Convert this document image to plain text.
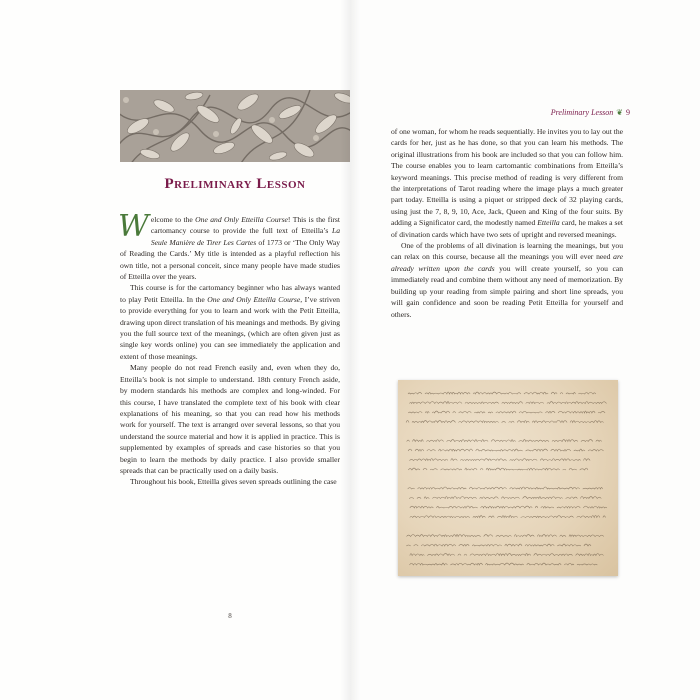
Preliminary Lesson

Welcome to the One and Only Etteilla Course! This is the first cartomancy course to provide the full text of Etteilla’s La Seule Manière de Tirer Les Cartes of 1773 or ‘The Only Way of Reading the Cards.’ My title is intended as a playful reflection his own title, not a personal conceit, since many people have made studies of Etteilla over the years.

This course is for the cartomancy beginner who has always wanted to play Petit Etteilla. In the One and Only Etteilla Course, I’ve striven to provide everything for you to learn and work with the Petit Etteilla, drawing upon direct translation of his meanings and methods. By giving you the full source text of the meanings, (which are often given just as single key words online) you can see immediately the application and extent of those meanings.

Many people do not read French easily and, even when they do, Etteilla’s book is not simple to understand. 18th century French aside, by modern standards his methods are complex and long-winded. For this course, I have translated the complete text of his book with clear explanations of his meaning, so that you can read how his methods work for yourself. The text is arrangrd over several lessons, so that you understand the source material and how it is applied in practice. This is supplemented by examples of spreads and case histories so that you begin to learn the methods by daily practice. I also provide smaller spreads that can be practically used on a daily basis.

Throughout his book, Etteilla gives seven spreads outlining the case

8
Preliminary Lesson ❦ 9

of one woman, for whom he reads sequentially. He invites you to lay out the cards for her, just as he has done, so that you can learn his methods. The original illustrations from his book are included so that you can follow him. The course enables you to learn cartomantic combinations from Etteilla’s keyword meanings. This precise method of reading is very different from the interpretations of Tarot reading where the image plays a much greater part today. Etteilla is using a piquet or stripped deck of 32 playing cards, using just the 7, 8, 9, 10, Ace, Jack, Queen and King of the four suits. By adding a Significator card, the modestly named Etteilla card, he makes a set of divination cards which have two sets of upright and reversed meanings.

One of the problems of all divination is learning the meanings, but you can relax on this course, because all the meanings you will ever need are already written upon the cards you will create yourself, so you can immediately read and combine them without any need of memorization. By building up your reading from simple pairing and short line spreads, you will gain confidence and soon be reading Petit Etteilla for yourself and others.
